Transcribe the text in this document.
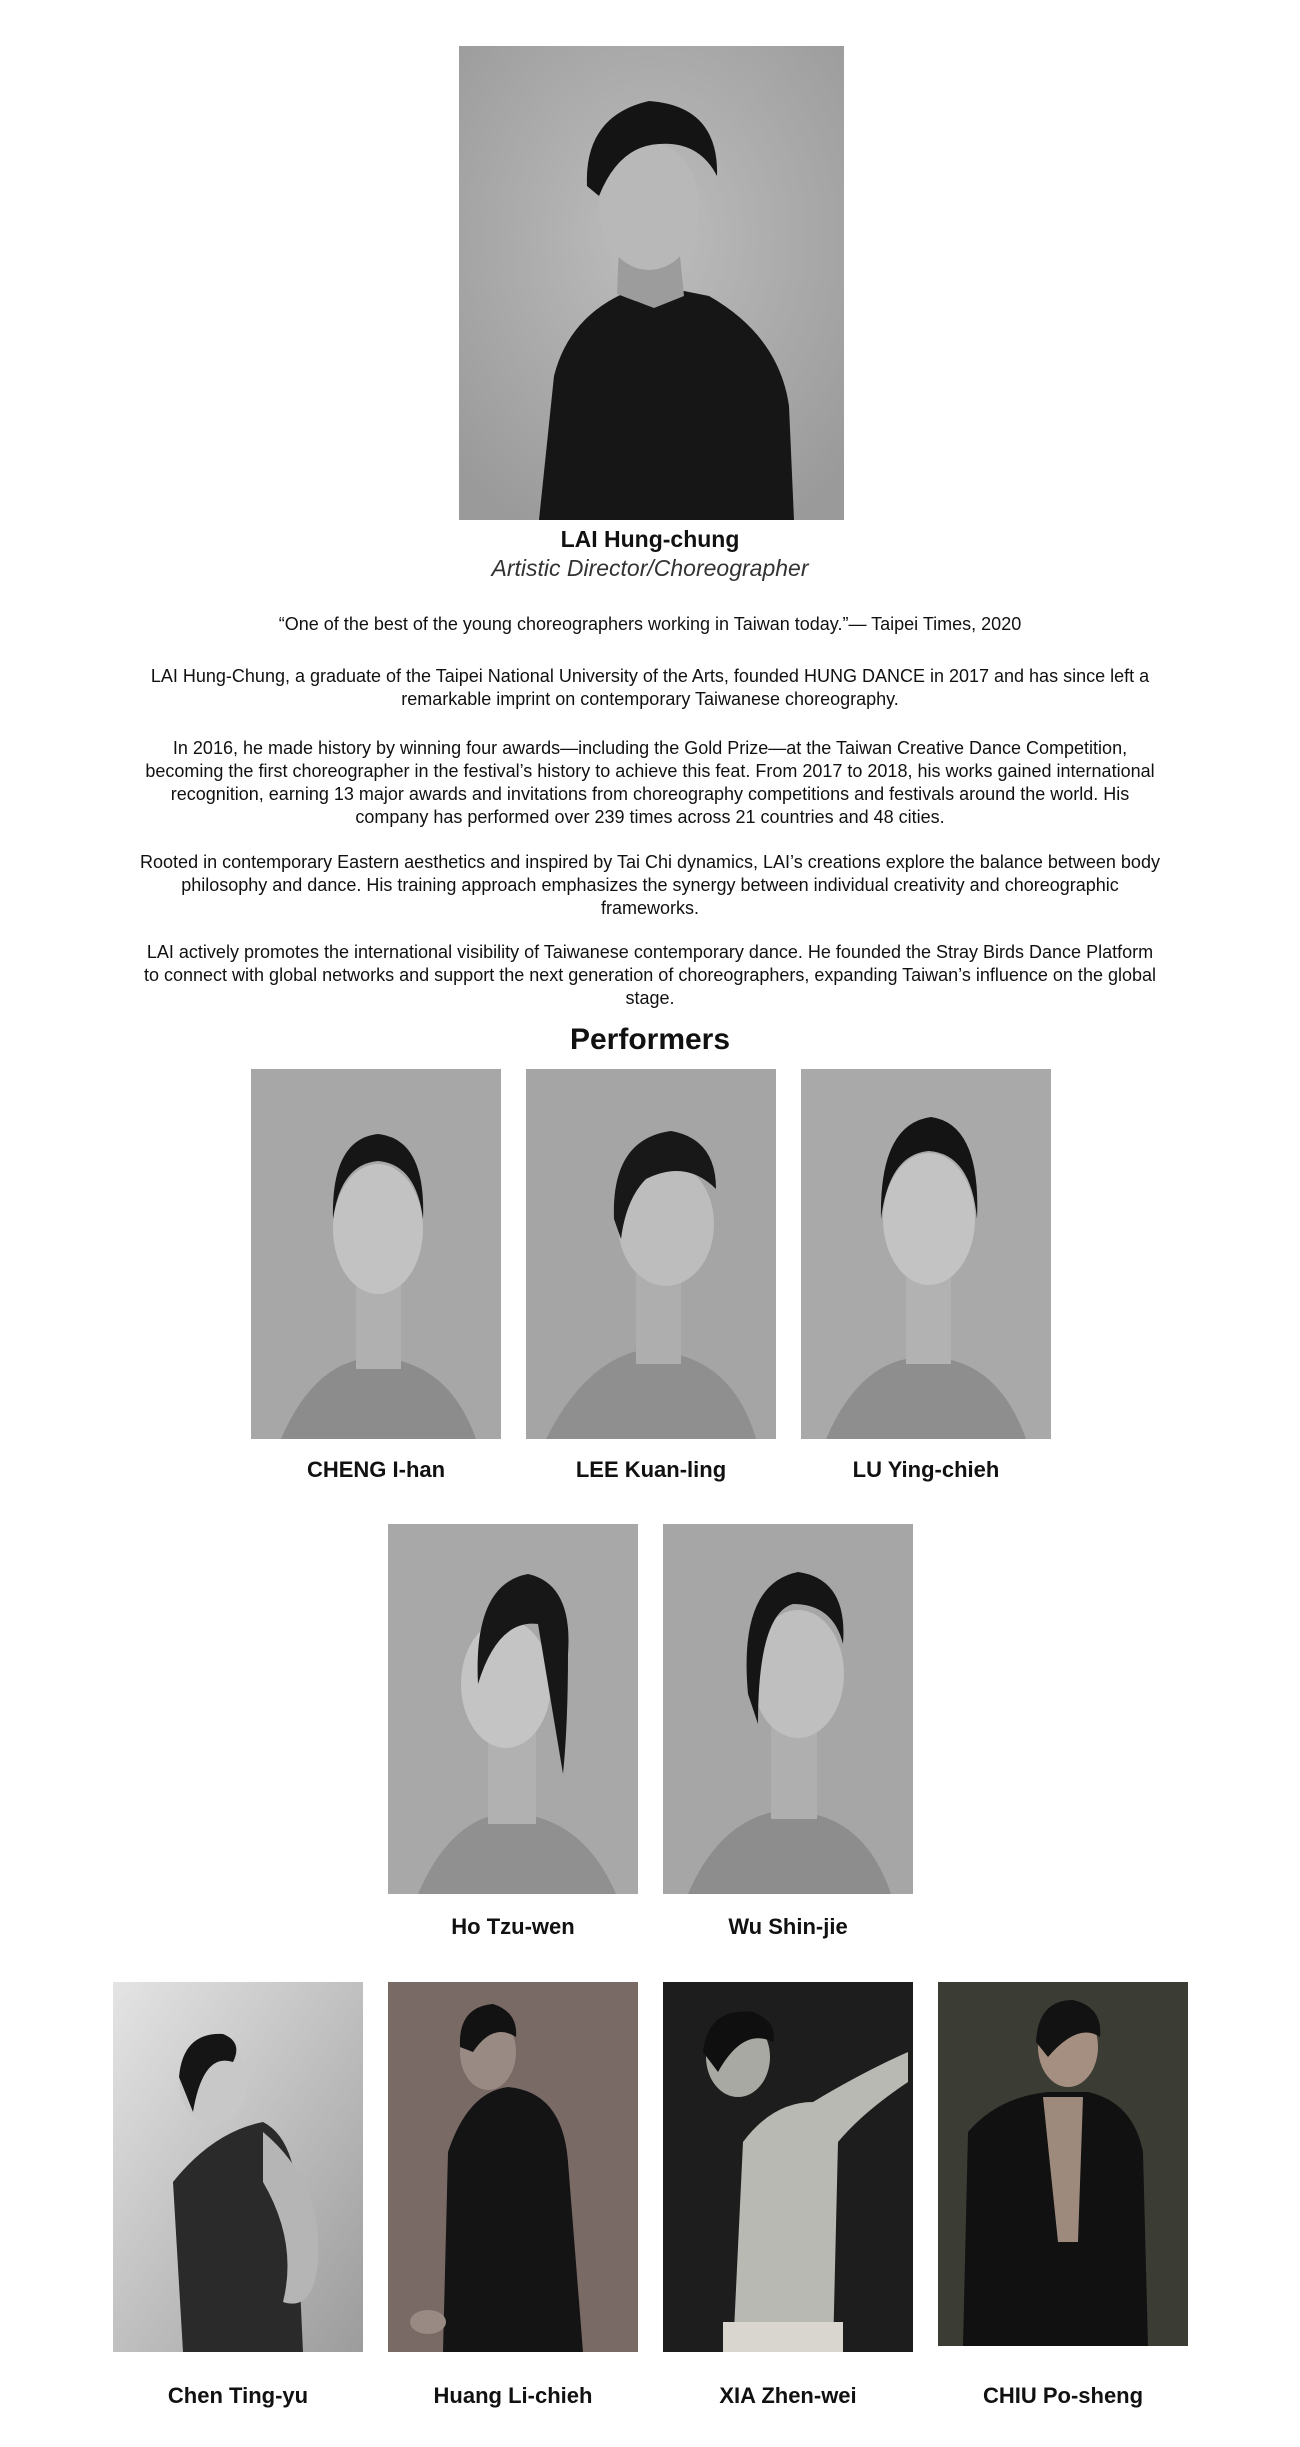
LAI Hung-chung
Artistic Director/Choreographer

“One of the best of the young choreographers working in Taiwan today.”— Taipei Times, 2020

LAI Hung-Chung, a graduate of the Taipei National University of the Arts, founded HUNG DANCE in 2017 and has since left a remarkable imprint on contemporary Taiwanese choreography.

In 2016, he made history by winning four awards—including the Gold Prize—at the Taiwan Creative Dance Competition, becoming the first choreographer in the festival’s history to achieve this feat. From 2017 to 2018, his works gained international recognition, earning 13 major awards and invitations from choreography competitions and festivals around the world. His company has performed over 239 times across 21 countries and 48 cities.

Rooted in contemporary Eastern aesthetics and inspired by Tai Chi dynamics, LAI’s creations explore the balance between body philosophy and dance. His training approach emphasizes the synergy between individual creativity and choreographic frameworks.

LAI actively promotes the international visibility of Taiwanese contemporary dance. He founded the Stray Birds Dance Platform to connect with global networks and support the next generation of choreographers, expanding Taiwan’s influence on the global stage.

Performers
CHENG I-han	LEE Kuan-ling	LU Ying-chieh
Ho Tzu-wen	Wu Shin-jie
Chen Ting-yu	Huang Li-chieh	XIA Zhen-wei	CHIU Po-sheng
